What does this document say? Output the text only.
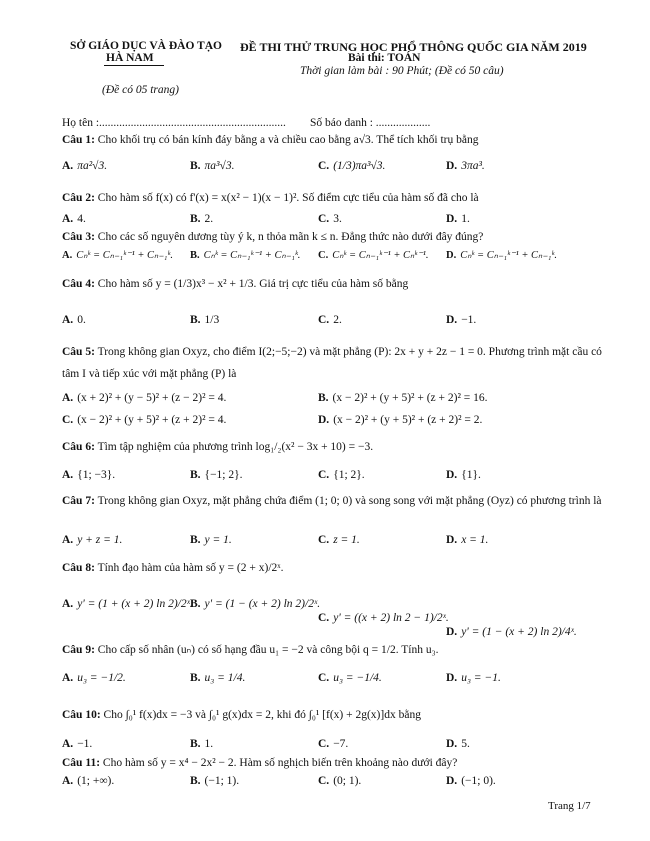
SỞ GIÁO DỤC VÀ ĐÀO TẠO
HÀ NAM
(Đề có 05 trang)
ĐỀ THI THỬ TRUNG HỌC PHỔ THÔNG QUỐC GIA NĂM 2019
Bài thi: TOÁN
Thời gian làm bài : 90 Phút; (Đề có 50 câu)
Họ tên :................................................................. Số báo danh : ...................
Câu 1: Cho khối trụ có bán kính đáy bằng a và chiều cao bằng a√3. Thể tích khối trụ bằng
A. πa²√3.	B. πa³√3.	C. (1/3)πa³√3.	D. 3πa³.
Câu 2: Cho hàm số f(x) có f'(x) = x(x² − 1)(x − 1)². Số điểm cực tiểu của hàm số đã cho là
A. 4.	B. 2.	C. 3.	D. 1.
Câu 3: Cho các số nguyên dương tùy ý k, n thỏa mãn k ≤ n. Đẳng thức nào dưới đây đúng?
A. Cₙᵏ = Cₙ₋₁ᵏ⁻¹ + Cₙ₋₁ᵏ. B. Cₙᵏ = Cₙ₋₁ᵏ⁻¹ + Cₙ₋₁ᵏ. C. Cₙᵏ = Cₙ₋₁ᵏ⁻¹ + Cₙᵏ⁻¹. D. Cₙᵏ = Cₙ₋₁ᵏ⁻¹ + Cₙ₋₁ᵏ.
Câu 4: Cho hàm số y = (1/3)x³ − x² + 1/3. Giá trị cực tiểu của hàm số bằng
A. 0.	B. 1/3	C. 2.	D. −1.
Câu 5: Trong không gian Oxyz, cho điểm I(2;−5;−2) và mặt phẳng (P): 2x + y + 2z − 1 = 0. Phương trình mặt cầu có tâm I và tiếp xúc với mặt phẳng (P) là
A. (x + 2)² + (y − 5)² + (z − 2)² = 4.	B. (x − 2)² + (y + 5)² + (z + 2)² = 16.
C. (x − 2)² + (y + 5)² + (z + 2)² = 4.	D. (x − 2)² + (y + 5)² + (z + 2)² = 2.
Câu 6: Tìm tập nghiệm của phương trình log₁/₂(x² − 3x + 10) = −3.
A. {1; −3}.	B. {−1; 2}.	C. {1; 2}.	D. {1}.
Câu 7: Trong không gian Oxyz, mặt phẳng chứa điểm (1; 0; 0) và song song với mặt phẳng (Oyz) có phương trình là
A. y + z = 1.	B. y = 1.	C. z = 1.	D. x = 1.
Câu 8: Tính đạo hàm của hàm số y = (2 + x)/2ˣ.
A. y' = (1 + (x + 2) ln 2)/2ˣ.
B. y' = (1 − (x + 2) ln 2)/2ˣ.
C. y' = ((x + 2) ln 2 − 1)/2ˣ.
D. y' = (1 − (x + 2) ln 2)/4ˣ.
Câu 9: Cho cấp số nhân (uₙ) có số hạng đầu u₁ = −2 và công bội q = 1/2. Tính u₃.
A. u₃ = −1/2.	B. u₃ = 1/4.	C. u₃ = −1/4.	D. u₃ = −1.
Câu 10: Cho ∫₀¹ f(x)dx = −3 và ∫₀¹ g(x)dx = 2, khi đó ∫₀¹ [f(x) + 2g(x)]dx bằng
A. −1.	B. 1.	C. −7.	D. 5.
Câu 11: Cho hàm số y = x⁴ − 2x² − 2. Hàm số nghịch biến trên khoảng nào dưới đây?
A. (1; +∞).	B. (−1; 1).	C. (0; 1).	D. (−1; 0).
Trang 1/7
